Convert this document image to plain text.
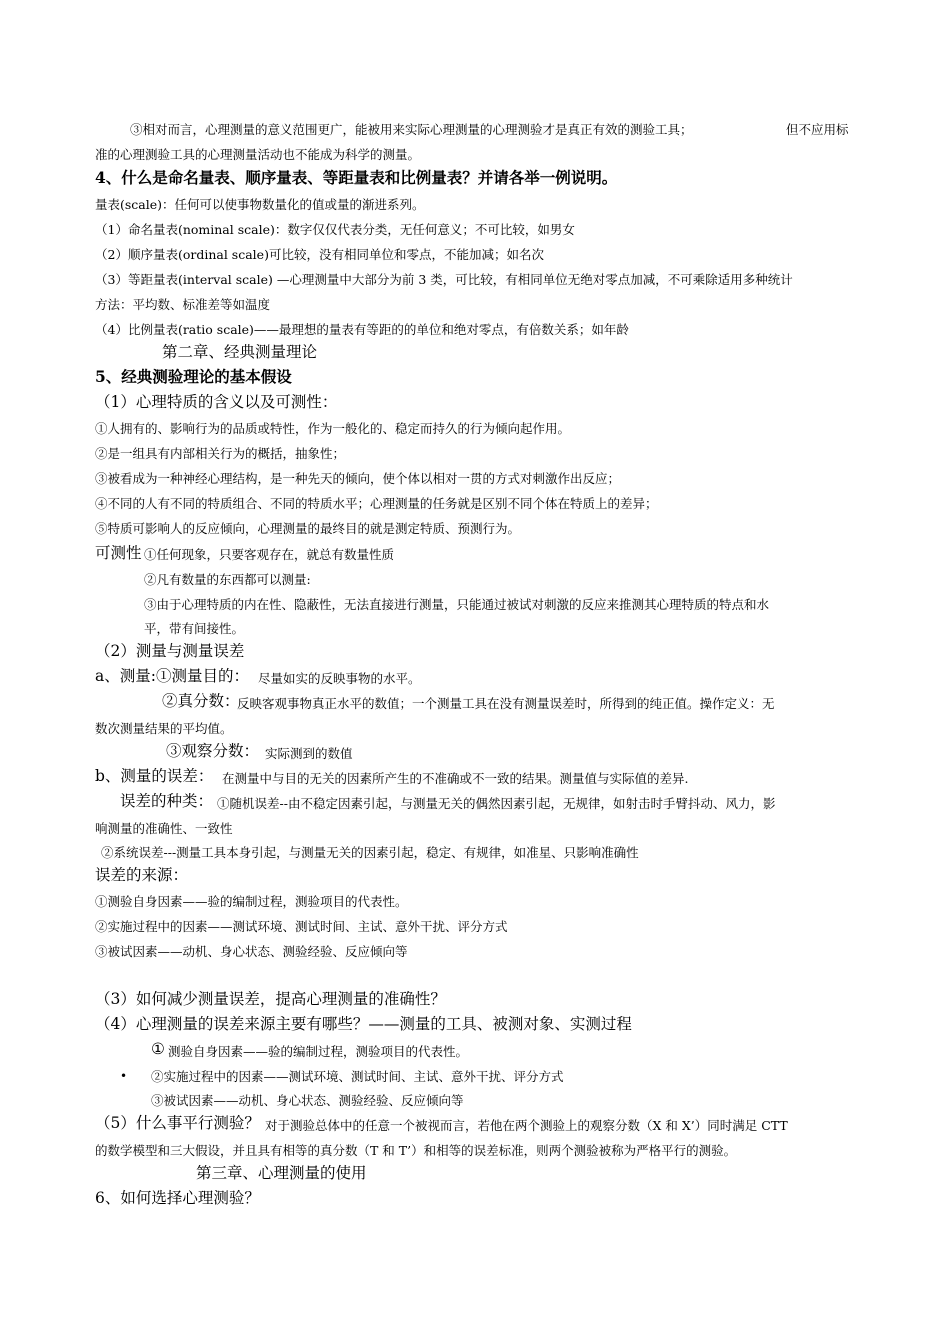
③相对而言，心理测量的意义范围更广，能被用来实际心理测量的心理测验才是真正有效的测验工具；	但不应用标
准的心理测验工具的心理测量活动也不能成为科学的测量。
4、什么是命名量表、顺序量表、等距量表和比例量表？并请各举一例说明。
量表(scale)：任何可以使事物数量化的值或量的渐进系列。
（1）命名量表(nominal scale)：数字仅仅代表分类，无任何意义；不可比较，如男女
（2）顺序量表(ordinal scale)可比较，没有相同单位和零点，不能加减；如名次
（3）等距量表(interval scale) —心理测量中大部分为前 3 类，可比较，有相同单位无绝对零点加减，不可乘除适用多种统计
方法：平均数、标准差等如温度
（4）比例量表(ratio scale)——最理想的量表有等距的的单位和绝对零点，有倍数关系；如年龄
第二章、经典测量理论
5、经典测验理论的基本假设
（1）心理特质的含义以及可测性：
①人拥有的、影响行为的品质或特性，作为一般化的、稳定而持久的行为倾向起作用。
②是一组具有内部相关行为的概括，抽象性；
③被看成为一种神经心理结构，是一种先天的倾向，使个体以相对一贯的方式对刺激作出反应；
④不同的人有不同的特质组合、不同的特质水平；心理测量的任务就是区别不同个体在特质上的差异；
⑤特质可影响人的反应倾向，心理测量的最终目的就是测定特质、预测行为。
可测性 ①任何现象，只要客观存在，就总有数量性质
②凡有数量的东西都可以测量:
③由于心理特质的内在性、隐蔽性，无法直接进行测量，只能通过被试对刺激的反应来推测其心理特质的特点和水
平，带有间接性。
（2）测量与测量误差
a、测量:①测量目的： 尽量如实的反映事物的水平。
②真分数：
反映客观事物真正水平的数值；一个测量工具在没有测量误差时，所得到的纯正值。操作定义：无
数次测量结果的平均值。
③观察分数： 实际测到的数值
b、测量的误差： 在测量中与目的无关的因素所产生的不准确或不一致的结果。测量值与实际值的差异.
误差的种类： ①随机误差--由不稳定因素引起，与测量无关的偶然因素引起，无规律，如射击时手臂抖动、风力，影
响测量的准确性、一致性
②系统误差---测量工具本身引起，与测量无关的因素引起，稳定、有规律，如准星、只影响准确性
误差的来源：
①测验自身因素——验的编制过程，测验项目的代表性。
②实施过程中的因素——测试环境、测试时间、主试、意外干扰、评分方式
③被试因素——动机、身心状态、测验经验、反应倾向等
（3）如何减少测量误差，提高心理测量的准确性？
（4）心理测量的误差来源主要有哪些？——测量的工具、被测对象、实测过程
① 测验自身因素——验的编制过程，测验项目的代表性。
• ②实施过程中的因素——测试环境、测试时间、主试、意外干扰、评分方式
③被试因素——动机、身心状态、测验经验、反应倾向等
（5）什么事平行测验？ 对于测验总体中的任意一个被视而言，若他在两个测验上的观察分数（X 和 X’）同时满足 CTT
的数学模型和三大假设，并且具有相等的真分数（T 和 T’）和相等的误差标准，则两个测验被称为严格平行的测验。
第三章、心理测量的使用
6、如何选择心理测验？
